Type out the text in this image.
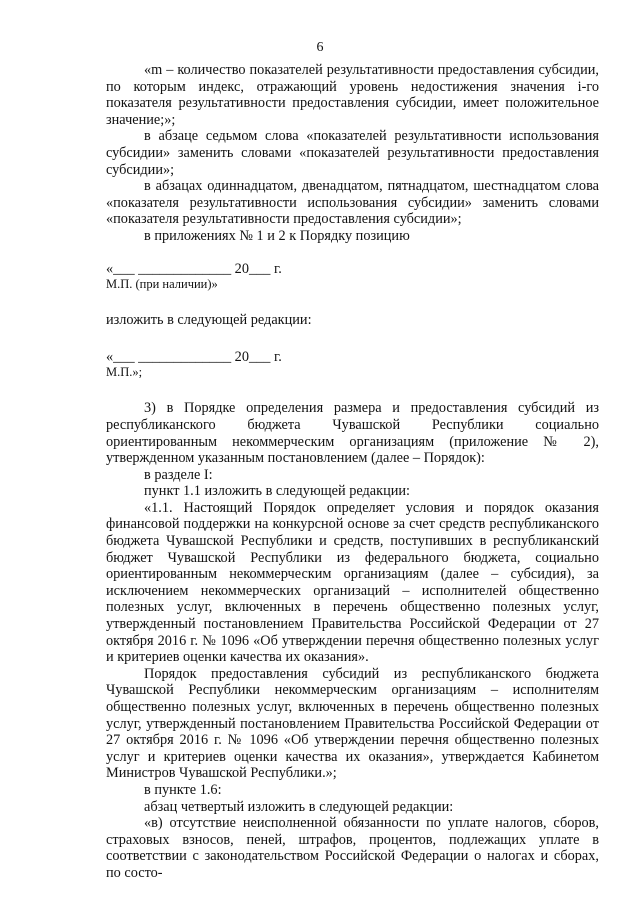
6

«m – количество показателей результативности предоставления субсидии, по которым индекс, отражающий уровень недостижения значения i-го показателя результативности предоставления субсидии, имеет положительное значение;»;

в абзаце седьмом слова «показателей результативности использования субсидии» заменить словами «показателей результативности предоставления субсидии»;

в абзацах одиннадцатом, двенадцатом, пятнадцатом, шестнадцатом слова «показателя результативности использования субсидии» заменить словами «показателя результативности предоставления субсидии»;

в приложениях № 1 и 2 к Порядку позицию

«___ _____________ 20___ г.

М.П. (при наличии)»

изложить в следующей редакции:

«___ _____________ 20___ г.

М.П.»;

3) в Порядке определения размера и предоставления субсидий из республиканского бюджета Чувашской Республики социально ориентированным некоммерческим организациям (приложение № 2), утвержденном указанным постановлением (далее – Порядок):

в разделе I:

пункт 1.1 изложить в следующей редакции:

«1.1. Настоящий Порядок определяет условия и порядок оказания финансовой поддержки на конкурсной основе за счет средств республиканского бюджета Чувашской Республики и средств, поступивших в республиканский бюджет Чувашской Республики из федерального бюджета, социально ориентированным некоммерческим организациям (далее – субсидия), за исключением некоммерческих организаций – исполнителей общественно полезных услуг, включенных в перечень общественно полезных услуг, утвержденный постановлением Правительства Российской Федерации от 27 октября 2016 г. № 1096 «Об утверждении перечня общественно полезных услуг и критериев оценки качества их оказания».

Порядок предоставления субсидий из республиканского бюджета Чувашской Республики некоммерческим организациям – исполнителям общественно полезных услуг, включенных в перечень общественно полезных услуг, утвержденный постановлением Правительства Российской Федерации от 27 октября 2016 г. № 1096 «Об утверждении перечня общественно полезных услуг и критериев оценки качества их оказания», утверждается Кабинетом Министров Чувашской Республики.»;

в пункте 1.6:

абзац четвертый изложить в следующей редакции:

«в) отсутствие неисполненной обязанности по уплате налогов, сборов, страховых взносов, пеней, штрафов, процентов, подлежащих уплате в соответствии с законодательством Российской Федерации о налогах и сборах, по состо-
